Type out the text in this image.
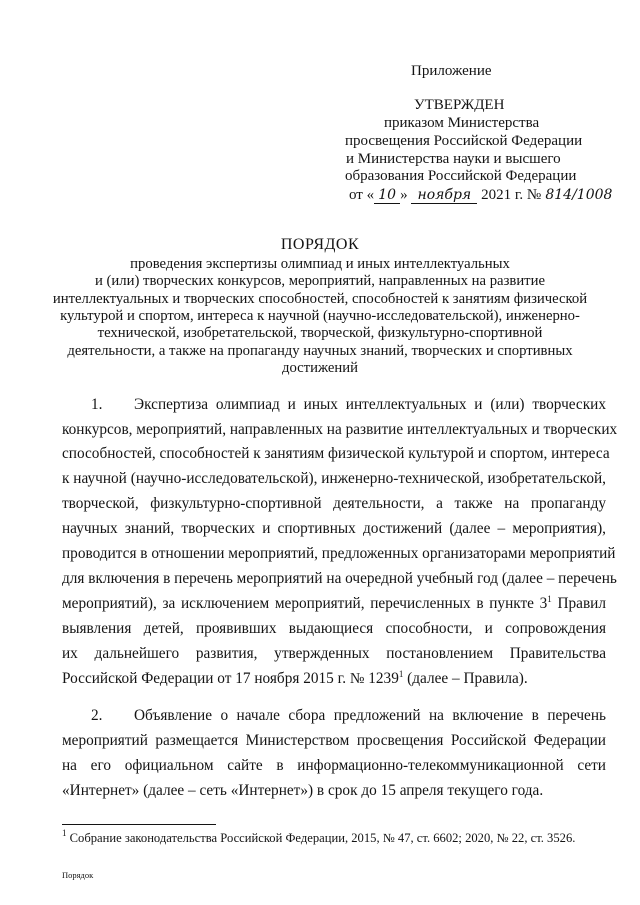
Приложение
УТВЕРЖДЕН
приказом Министерства
просвещения Российской Федерации
и Министерства науки и высшего
образования Российской Федерации
от « 10 » ноября 2021 г. № 814/1008
ПОРЯДОК
проведения экспертизы олимпиад и иных интеллектуальных
и (или) творческих конкурсов, мероприятий, направленных на развитие
интеллектуальных и творческих способностей, способностей к занятиям физической
культурой и спортом, интереса к научной (научно-исследовательской), инженерно-
технической, изобретательской, творческой, физкультурно-спортивной
деятельности, а также на пропаганду научных знаний, творческих и спортивных
достижений
1. Экспертиза олимпиад и иных интеллектуальных и (или) творческих
конкурсов, мероприятий, направленных на развитие интеллектуальных и творческих
способностей, способностей к занятиям физической культурой и спортом, интереса
к научной (научно-исследовательской), инженерно-технической, изобретательской,
творческой, физкультурно-спортивной деятельности, а также на пропаганду
научных знаний, творческих и спортивных достижений (далее – мероприятия),
проводится в отношении мероприятий, предложенных организаторами мероприятий
для включения в перечень мероприятий на очередной учебный год (далее – перечень
мероприятий), за исключением мероприятий, перечисленных в пункте $3^1$ Правил
выявления детей, проявивших выдающиеся способности, и сопровождения
их дальнейшего развития, утвержденных постановлением Правительства
Российской Федерации от 17 ноября 2015 г. № 1239$^1$ (далее – Правила).
2. Объявление о начале сбора предложений на включение в перечень
мероприятий размещается Министерством просвещения Российской Федерации
на его официальном сайте в информационно-телекоммуникационной сети
«Интернет» (далее – сеть «Интернет») в срок до 15 апреля текущего года.
$^1$ Собрание законодательства Российской Федерации, 2015, № 47, ст. 6602; 2020, № 22, ст. 3526.
Порядок
